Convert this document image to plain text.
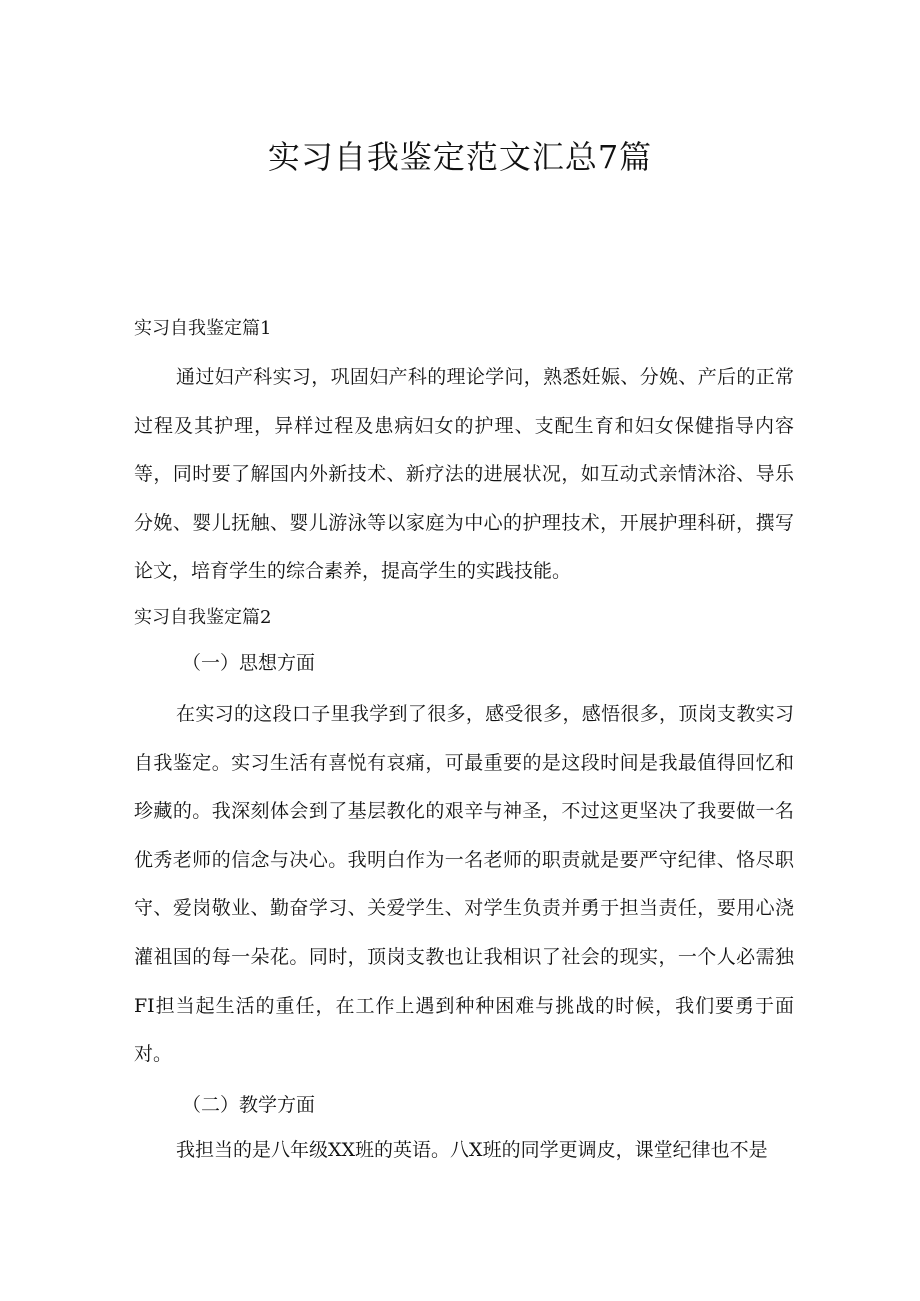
实习自我鉴定范文汇总7篇
实习自我鉴定篇1

通过妇产科实习，巩固妇产科的理论学问，熟悉妊娠、分娩、产后的正常过程及其护理，异样过程及患病妇女的护理、支配生育和妇女保健指导内容等，同时要了解国内外新技术、新疗法的进展状况，如互动式亲情沐浴、导乐分娩、婴儿抚触、婴儿游泳等以家庭为中心的护理技术，开展护理科研，撰写论文，培育学生的综合素养，提高学生的实践技能。

实习自我鉴定篇2
（一）思想方面

在实习的这段口子里我学到了很多，感受很多，感悟很多，顶岗支教实习自我鉴定。实习生活有喜悦有哀痛，可最重要的是这段时间是我最值得回忆和珍藏的。我深刻体会到了基层教化的艰辛与神圣，不过这更坚决了我要做一名优秀老师的信念与决心。我明白作为一名老师的职责就是要严守纪律、恪尽职守、爱岗敬业、勤奋学习、关爱学生、对学生负责并勇于担当责任，要用心浇灌祖国的每一朵花。同时，顶岗支教也让我相识了社会的现实，一个人必需独FI担当起生活的重任，在工作上遇到种种困难与挑战的时候，我们要勇于面对。

（二）教学方面

我担当的是八年级XX班的英语。八X班的同学更调皮，课堂纪律也不是
